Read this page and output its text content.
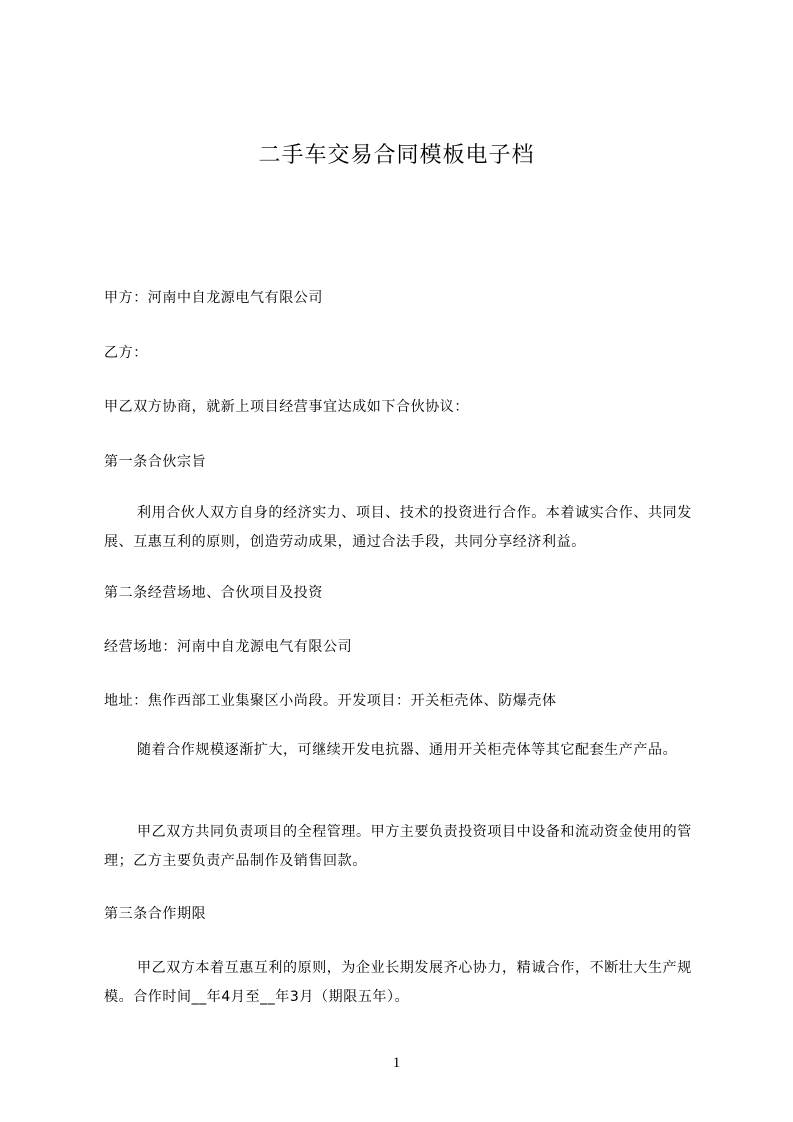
二手车交易合同模板电子档

甲方：河南中自龙源电气有限公司

乙方：

甲乙双方协商，就新上项目经营事宜达成如下合伙协议：

第一条合伙宗旨

利用合伙人双方自身的经济实力、项目、技术的投资进行合作。本着诚实合作、共同发展、互惠互利的原则，创造劳动成果，通过合法手段，共同分享经济利益。

第二条经营场地、合伙项目及投资

经营场地：河南中自龙源电气有限公司

地址：焦作西部工业集聚区小尚段。开发项目：开关柜壳体、防爆壳体

随着合作规模逐渐扩大，可继续开发电抗器、通用开关柜壳体等其它配套生产产品。

甲乙双方共同负责项目的全程管理。甲方主要负责投资项目中设备和流动资金使用的管理；乙方主要负责产品制作及销售回款。

第三条合作期限

甲乙双方本着互惠互利的原则，为企业长期发展齐心协力，精诚合作，不断壮大生产规模。合作时间__年4月至__年3月（期限五年）。

1
